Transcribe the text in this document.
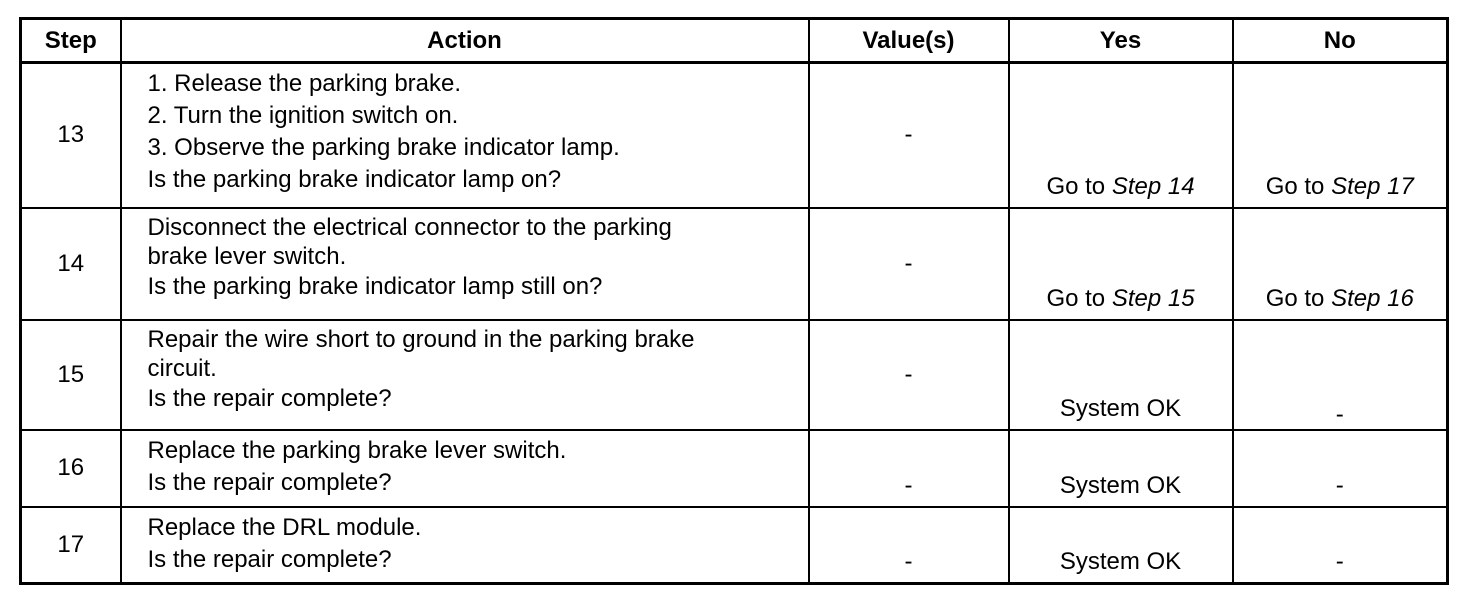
Step	Action	Value(s)	Yes	No
13	1. Release the parking brake.
2. Turn the ignition switch on.
3. Observe the parking brake indicator lamp.
Is the parking brake indicator lamp on?	-	Go to Step 14	Go to Step 17
14	Disconnect the electrical connector to the parking
brake lever switch.
Is the parking brake indicator lamp still on?	-	Go to Step 15	Go to Step 16
15	Repair the wire short to ground in the parking brake
circuit.
Is the repair complete?	-	System OK	-
16	Replace the parking brake lever switch.
Is the repair complete?	-	System OK	-
17	Replace the DRL module.
Is the repair complete?	-	System OK	-
